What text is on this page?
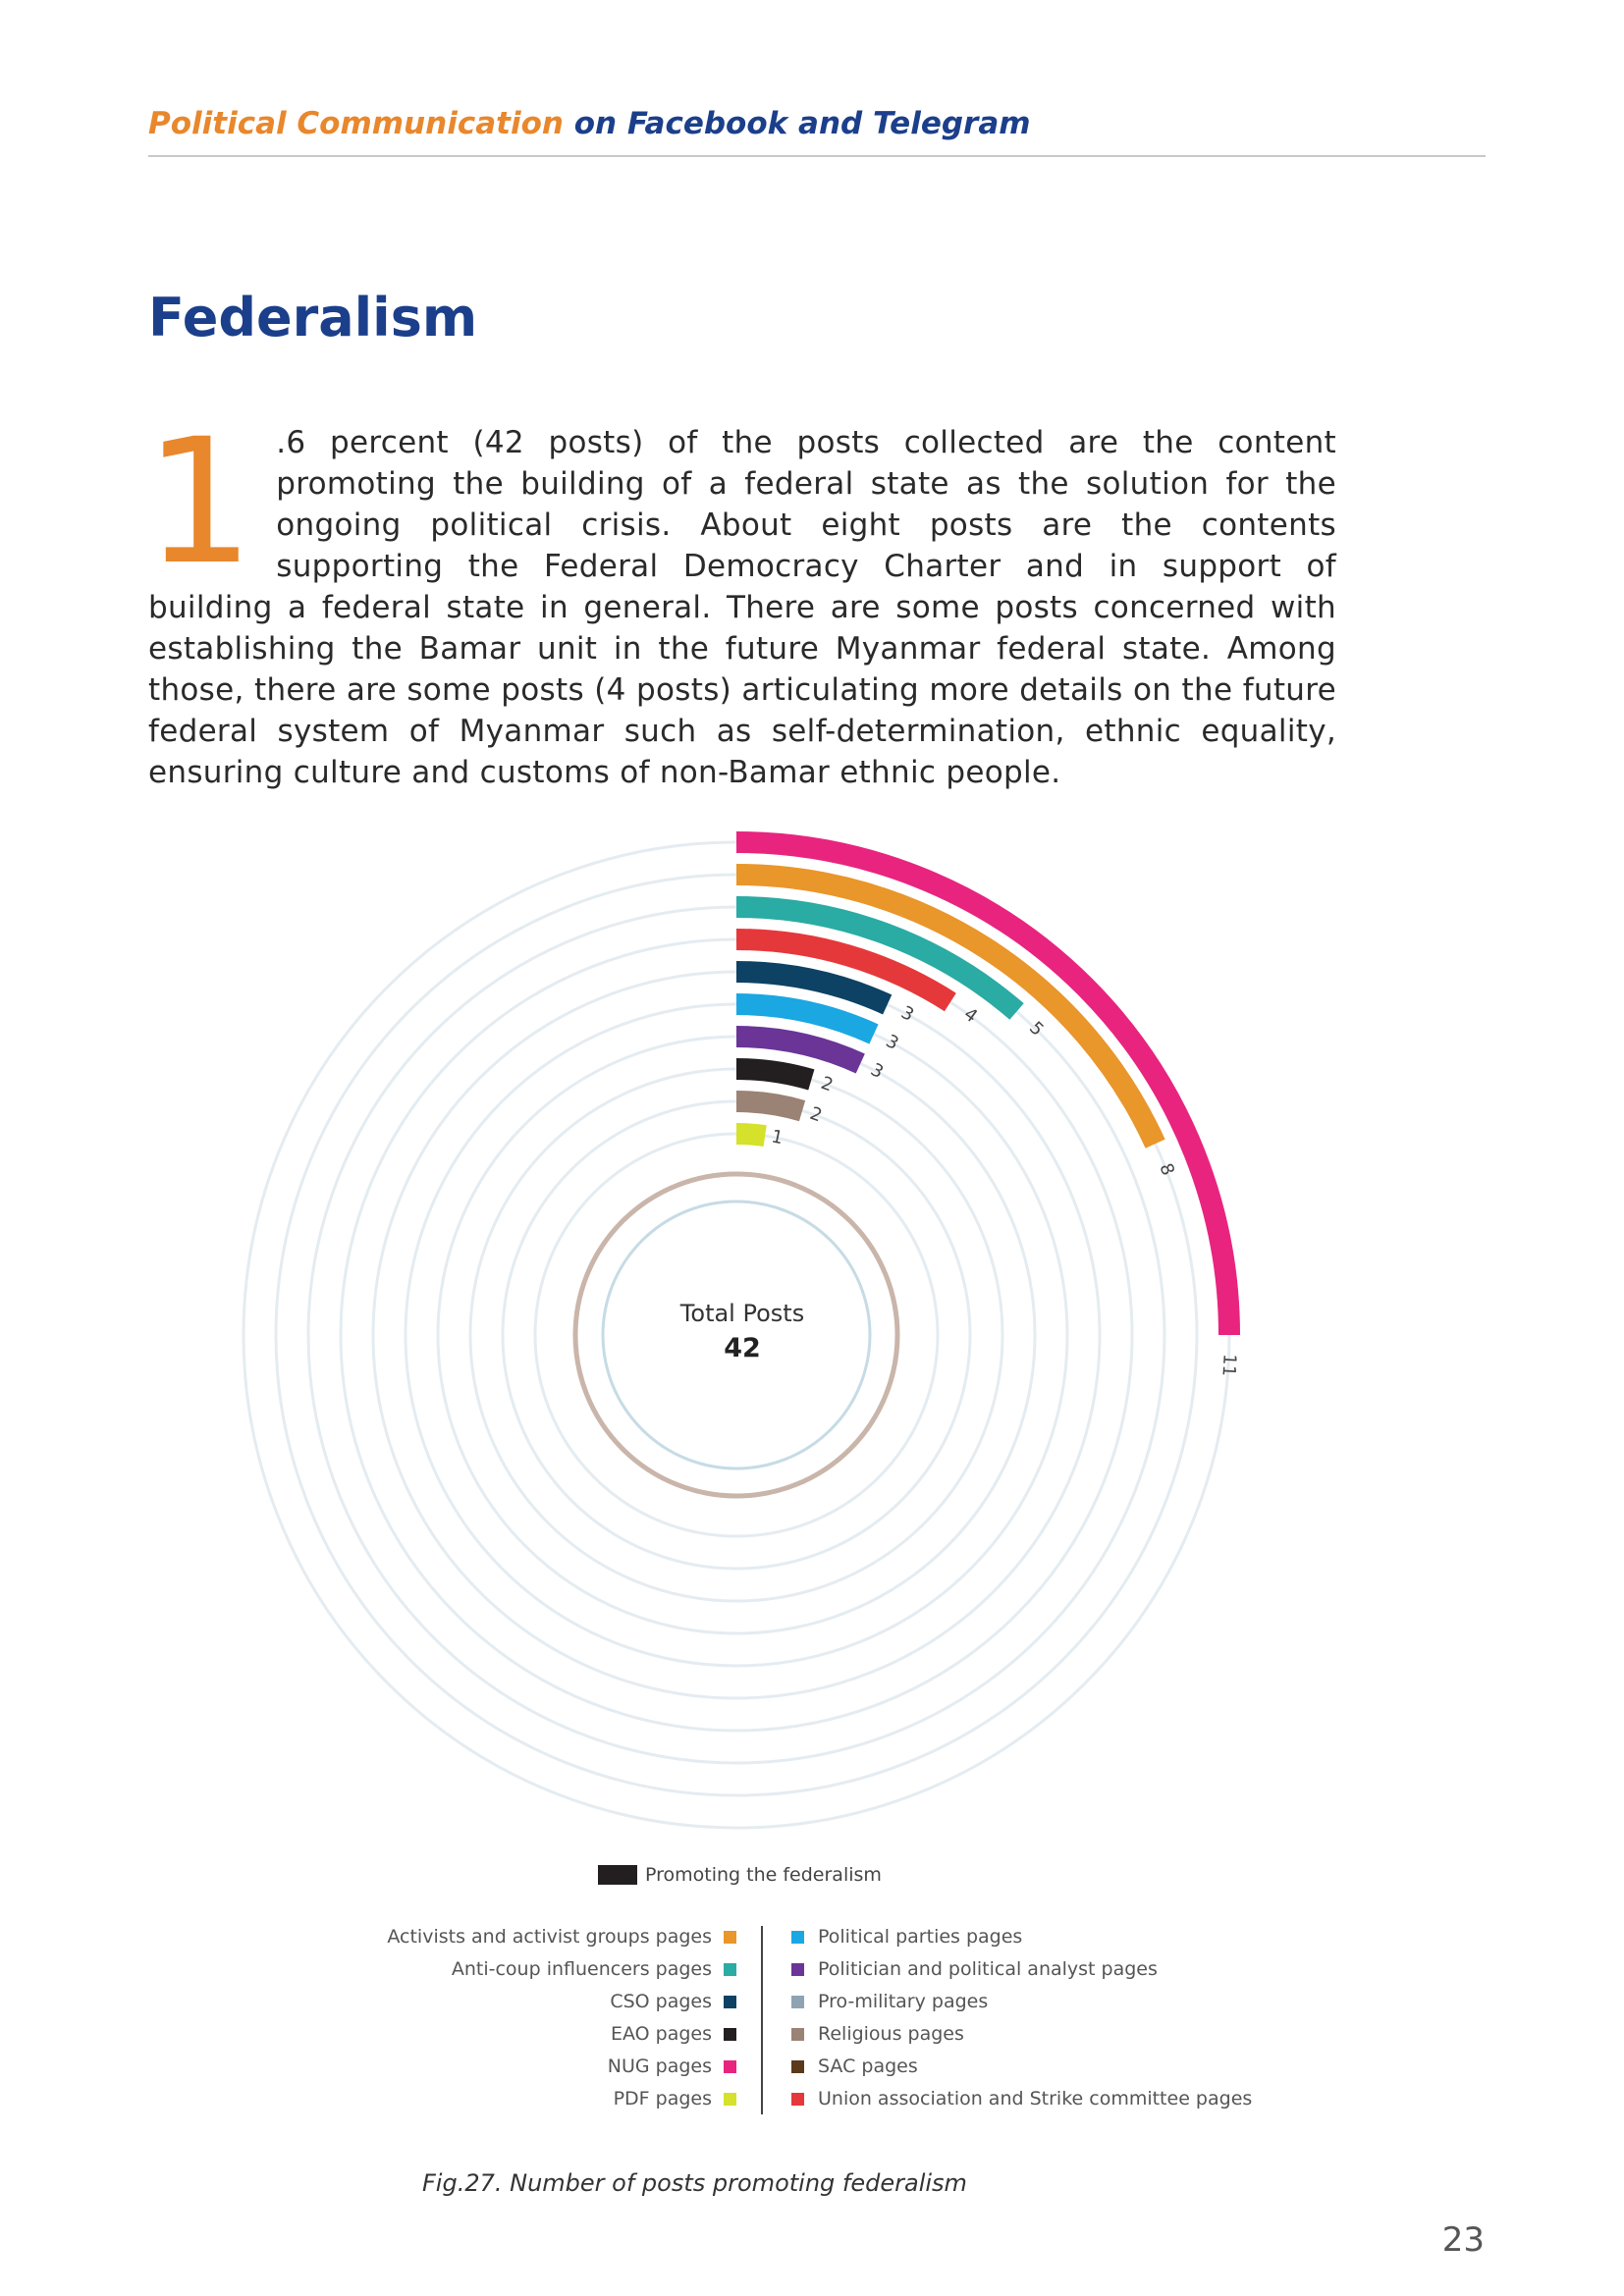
Political Communication on Facebook and Telegram
Federalism

1 .6 percent (42 posts) of the posts collected are the content promoting the building of a federal state as the solution for the ongoing political crisis. About eight posts are the contents supporting the Federal Democracy Charter and in support of building a federal state in general. There are some posts concerned with establishing the Bamar unit in the future Myanmar federal state. Among those, there are some posts (4 posts) articulating more details on the future federal system of Myanmar such as self-determination, ethnic equality, ensuring culture and customs of non-Bamar ethnic people.

11
8
5
4
3
3
3
2
2
1
Total Posts
42
Promoting the federalism
Activists and activist groups pages
Anti-coup influencers pages
CSO pages
EAO pages
NUG pages
PDF pages
Political parties pages
Politician and political analyst pages
Pro-military pages
Religious pages
SAC pages
Union association and Strike committee pages
Fig.27. Number of posts promoting federalism
23
